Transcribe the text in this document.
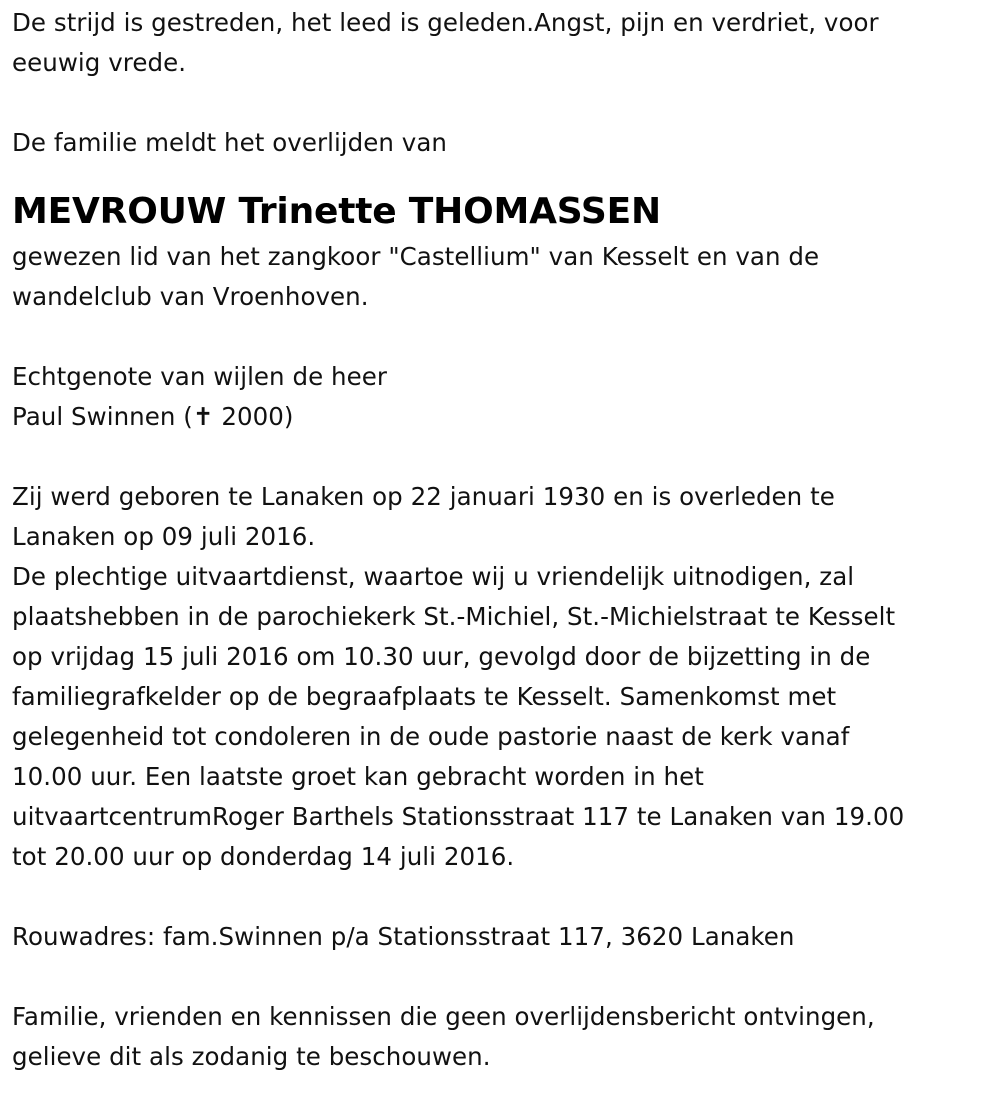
De strijd is gestreden, het leed is geleden.Angst, pijn en verdriet, voor
eeuwig vrede.

De familie meldt het overlijden van

MEVROUW Trinette THOMASSEN

gewezen lid van het zangkoor "Castellium" van Kesselt en van de
wandelclub van Vroenhoven.

Echtgenote van wijlen de heer
Paul Swinnen (✝ 2000)

Zij werd geboren te Lanaken op 22 januari 1930 en is overleden te
Lanaken op 09 juli 2016.
De plechtige uitvaartdienst, waartoe wij u vriendelijk uitnodigen, zal
plaatshebben in de parochiekerk St.-Michiel, St.-Michielstraat te Kesselt
op vrijdag 15 juli 2016 om 10.30 uur, gevolgd door de bijzetting in de
familiegrafkelder op de begraafplaats te Kesselt. Samenkomst met
gelegenheid tot condoleren in de oude pastorie naast de kerk vanaf
10.00 uur. Een laatste groet kan gebracht worden in het
uitvaartcentrumRoger Barthels Stationsstraat 117 te Lanaken van 19.00
tot 20.00 uur op donderdag 14 juli 2016.

Rouwadres: fam.Swinnen p/a Stationsstraat 117, 3620 Lanaken

Familie, vrienden en kennissen die geen overlijdensbericht ontvingen,
gelieve dit als zodanig te beschouwen.
